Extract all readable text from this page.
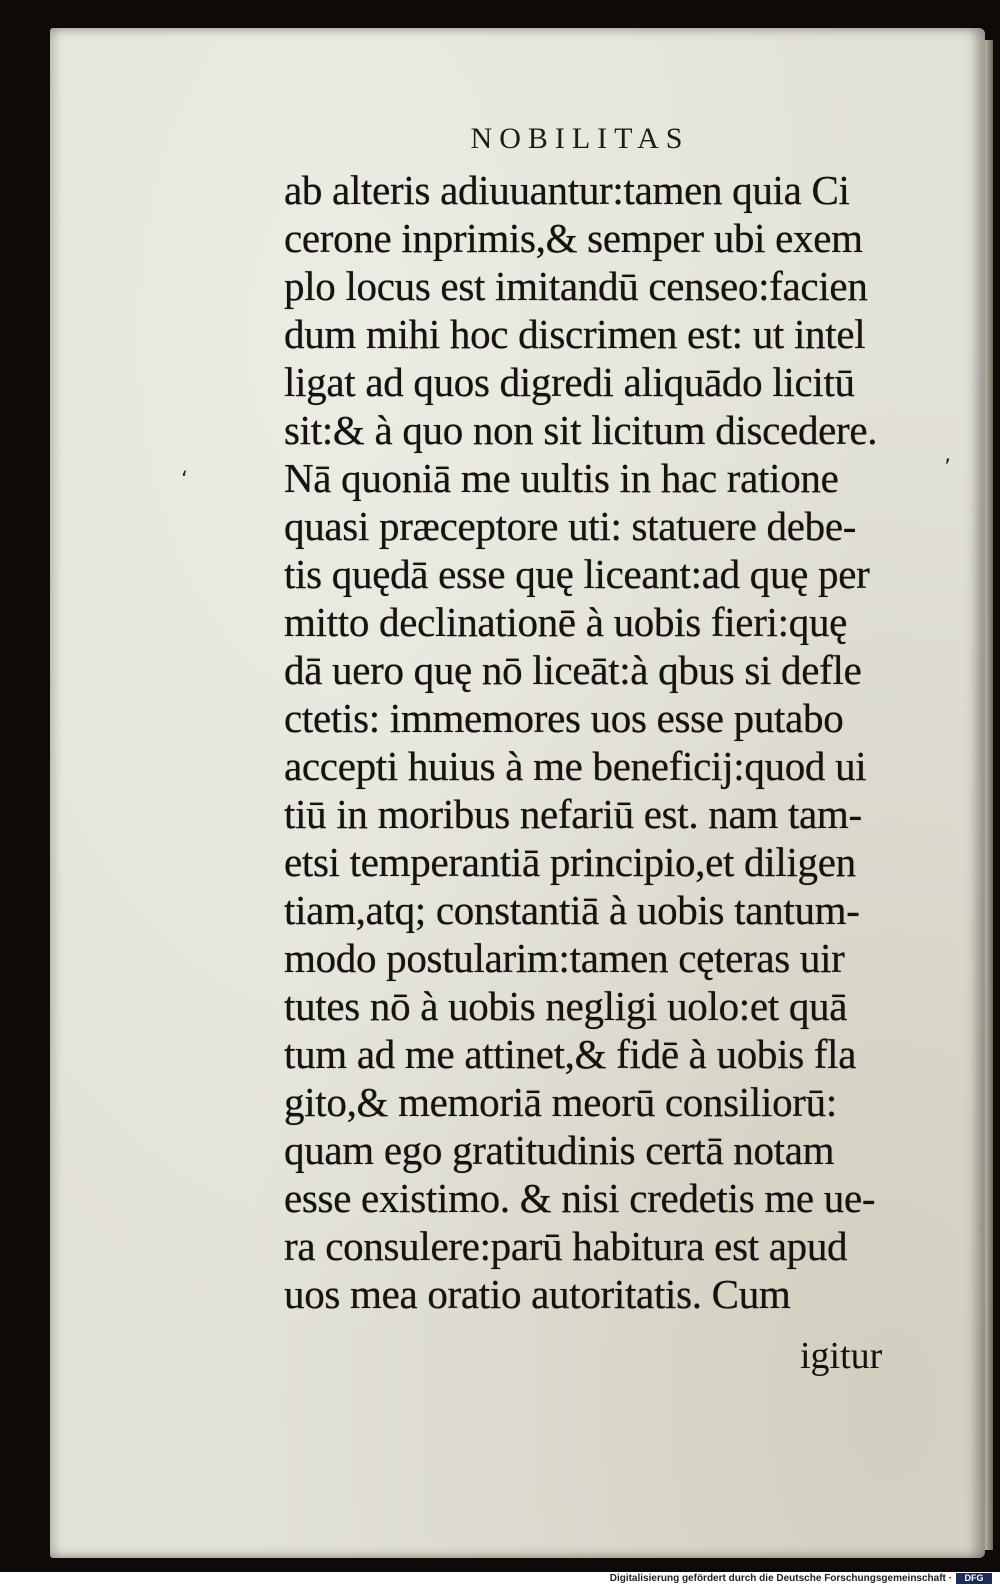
NOBILITAS
ab alteris adiuuantur:tamen quia Ci
cerone inprimis,& semper ubi exem
plo locus est imitandū censeo:facien
dum mihi hoc discrimen est: ut intel
ligat ad quos digredi aliquādo licitū
sit:& à quo non sit licitum discedere.
Nā quoniā me uultis in hac ratione
quasi præceptore uti: statuere debe-
tis quędā esse quę liceant:ad quę per
mitto declinationē à uobis fieri:quę
dā uero quę nō liceāt:à qbus si defle
ctetis: immemores uos esse putabo
accepti huius à me beneficij:quod ui
tiū in moribus nefariū est. nam tam-
etsi temperantiā principio,et diligen
tiam,atq; constantiā à uobis tantum-
modo postularim:tamen cęteras uir
tutes nō à uobis negligi uolo:et quā
tum ad me attinet,& fidē à uobis fla
gito,& memoriā meorū consiliorū:
quam ego gratitudinis certā notam
esse existimo. & nisi credetis me ue-
ra consulere:parū habitura est apud
uos mea oratio autoritatis. Cum
igitur
‘	’
Digitalisierung gefördert durch die Deutsche Forschungsgemeinschaft ·	DFG
